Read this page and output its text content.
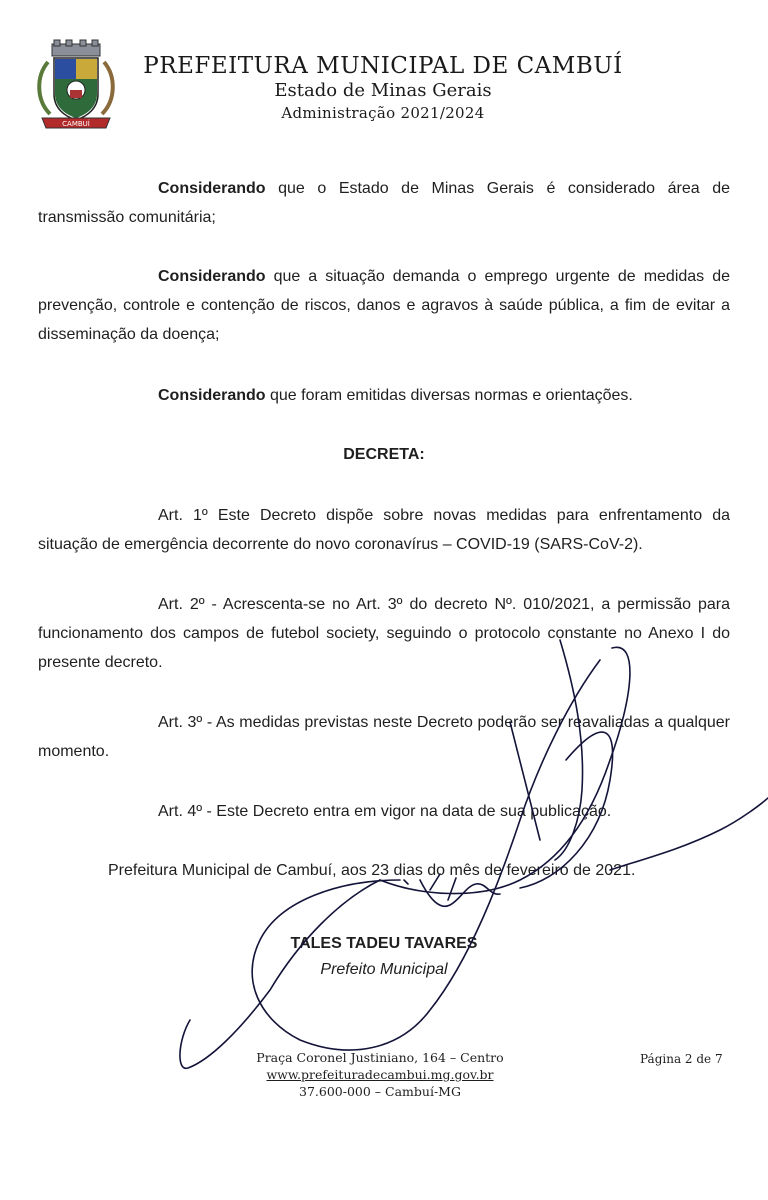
CAMBUÍ
PREFEITURA MUNICIPAL DE CAMBUÍ
Estado de Minas Gerais
Administração 2021/2024
Considerando que o Estado de Minas Gerais é considerado área de transmissão comunitária;
Considerando que a situação demanda o emprego urgente de medidas de prevenção, controle e contenção de riscos, danos e agravos à saúde pública, a fim de evitar a disseminação da doença;
Considerando que foram emitidas diversas normas e orientações.
DECRETA:
Art. 1º Este Decreto dispõe sobre novas medidas para enfrentamento da situação de emergência decorrente do novo coronavírus – COVID-19 (SARS-CoV-2).
Art. 2º - Acrescenta-se no Art. 3º do decreto Nº. 010/2021, a permissão para funcionamento dos campos de futebol society, seguindo o protocolo constante no Anexo I do presente decreto.
Art. 3º - As medidas previstas neste Decreto poderão ser reavaliadas a qualquer momento.
Art. 4º - Este Decreto entra em vigor na data de sua publicação.
Prefeitura Municipal de Cambuí, aos 23 dias do mês de fevereiro de 2021.
TALES TADEU TAVARES
Prefeito Municipal
Praça Coronel Justiniano, 164 – Centro
www.prefeituradecambui.mg.gov.br
37.600-000 – Cambuí-MG
Página 2 de 7
